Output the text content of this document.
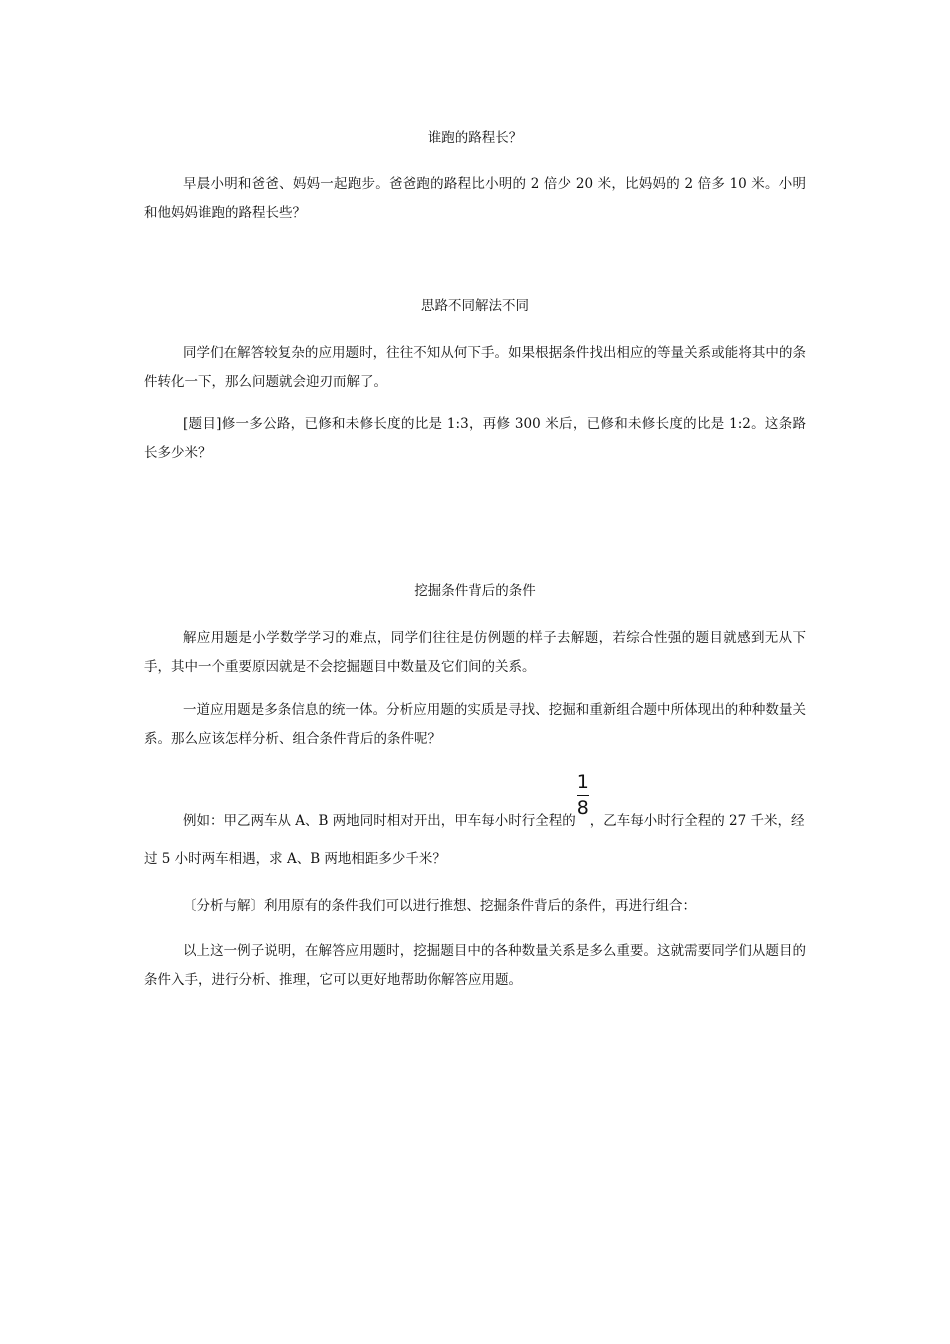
谁跑的路程长？

早晨小明和爸爸、妈妈一起跑步。爸爸跑的路程比小明的 2 倍少 20 米，比妈妈的 2 倍多 10 米。小明和他妈妈谁跑的路程长些？

思路不同解法不同

同学们在解答较复杂的应用题时，往往不知从何下手。如果根据条件找出相应的等量关系或能将其中的条件转化一下，那么问题就会迎刃而解了。

[题目]修一多公路，已修和未修长度的比是 1:3，再修 300 米后，已修和未修长度的比是 1:2。这条路长多少米？

挖掘条件背后的条件

解应用题是小学数学学习的难点，同学们往往是仿例题的样子去解题，若综合性强的题目就感到无从下手，其中一个重要原因就是不会挖掘题目中数量及它们间的关系。

一道应用题是多条信息的统一体。分析应用题的实质是寻找、挖掘和重新组合题中所体现出的种种数量关系。那么应该怎样分析、组合条件背后的条件呢？

例如：甲乙两车从 A、B 两地同时相对开出，甲车每小时行全程的 $\frac{1}{8}$ ，乙车每小时行全程的 27 千米，经
过 5 小时两车相遇，求 A、B 两地相距多少千米？
〔分析与解〕利用原有的条件我们可以进行推想、挖掘条件背后的条件，再进行组合：

以上这一例子说明，在解答应用题时，挖掘题目中的各种数量关系是多么重要。这就需要同学们从题目的条件入手，进行分析、推理，它可以更好地帮助你解答应用题。
